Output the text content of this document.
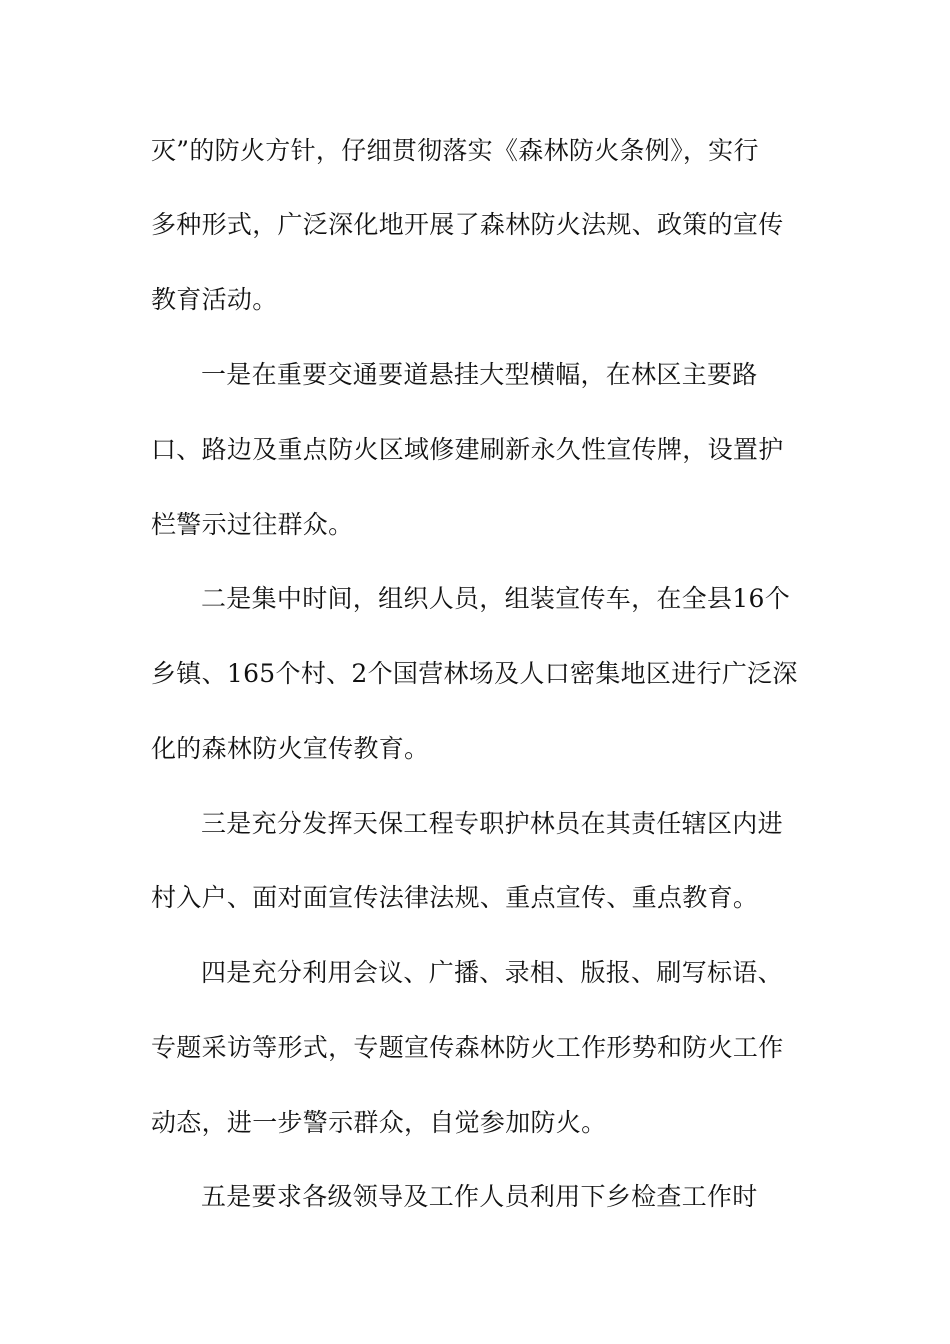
灭”的防火方针，仔细贯彻落实《森林防火条例》，实行
多种形式，广泛深化地开展了森林防火法规、政策的宣传
教育活动。
一是在重要交通要道悬挂大型横幅，在林区主要路
口、路边及重点防火区域修建刷新永久性宣传牌，设置护
栏警示过往群众。
二是集中时间，组织人员，组装宣传车，在全县16个
乡镇、165个村、2个国营林场及人口密集地区进行广泛深
化的森林防火宣传教育。
三是充分发挥天保工程专职护林员在其责任辖区内进
村入户、面对面宣传法律法规、重点宣传、重点教育。
四是充分利用会议、广播、录相、版报、刷写标语、
专题采访等形式，专题宣传森林防火工作形势和防火工作
动态，进一步警示群众，自觉参加防火。
五是要求各级领导及工作人员利用下乡检查工作时
